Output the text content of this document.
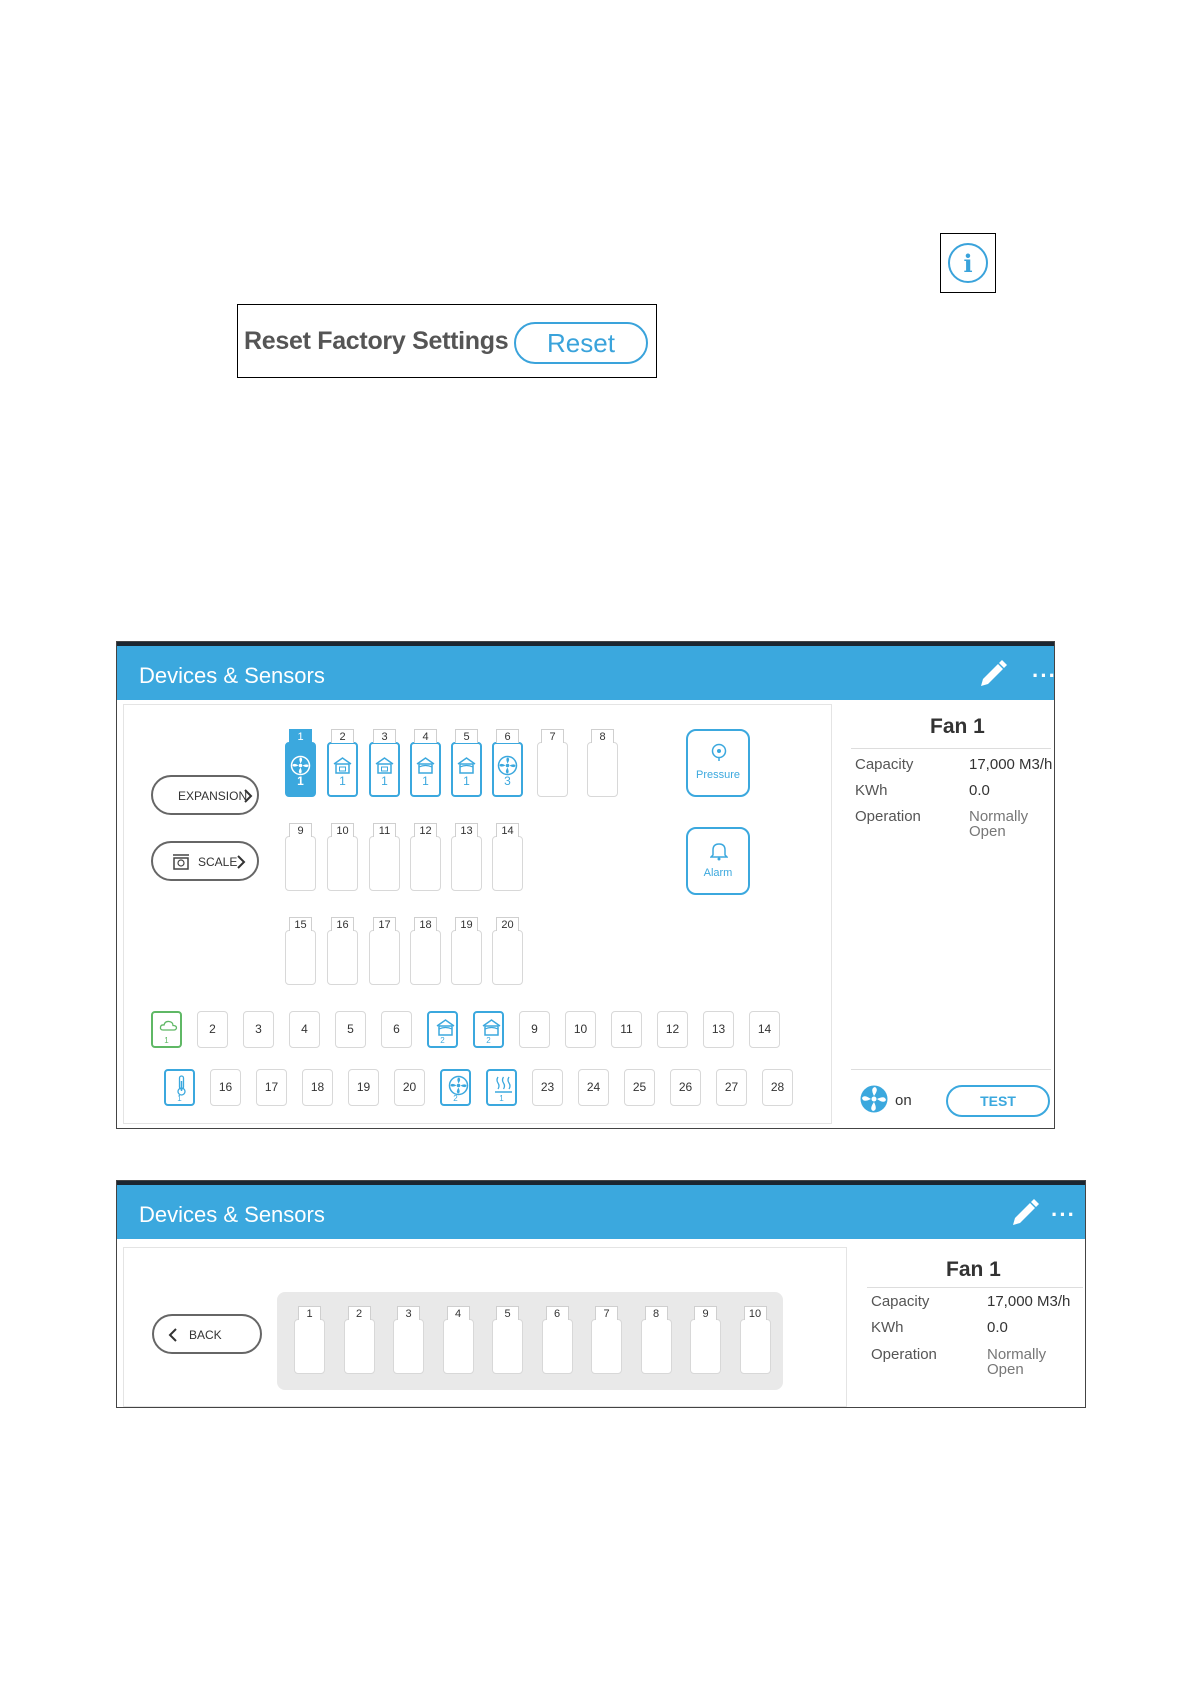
i
Reset Factory Settings	Reset
Devices & Sensors	···
EXPANSION
SCALE
Pressure
Alarm
1
1
2
1
3
1
4
1
5
1
6
3
7	8
9	10	11	12	13	14
15	16	17	18	19	20
1
2	3	4	5	6
2	2
9	10	11	12	13	14
1
16	17	18	19	20
2	1
23	24	25	26	27	28
Fan 1
Capacity	17,000 M3/h
KWh	0.0
Operation	Normally
Open
on	TEST
Devices & Sensors	···
BACK
1	2	3	4	5	6	7	8	9	10
Fan 1
Capacity	17,000 M3/h
KWh	0.0
Operation	Normally
Open
